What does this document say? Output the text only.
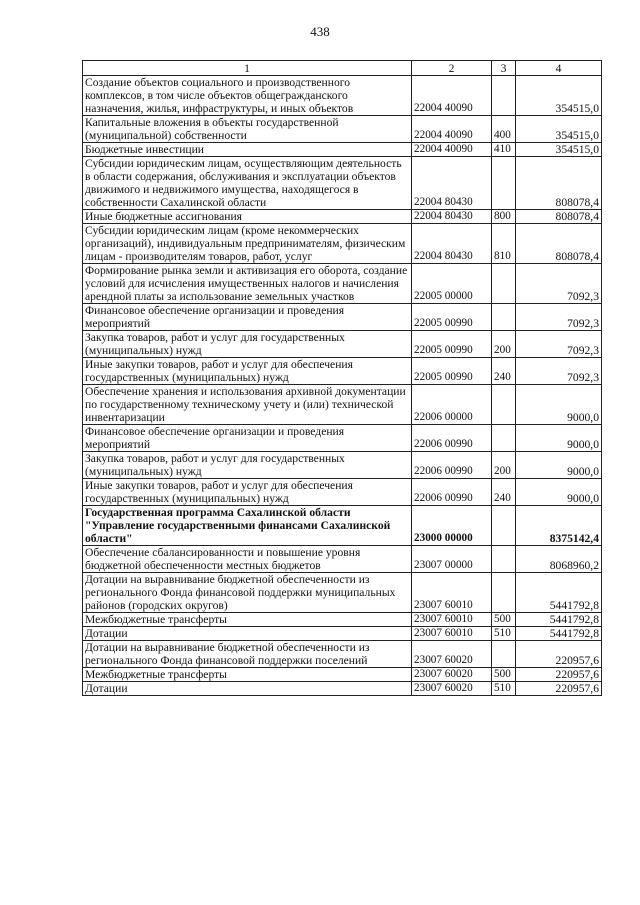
438
1	2	3	4
Создание объектов социального и производственного комплексов, в том числе объектов общегражданского назначения, жилья, инфраструктуры, и иных объектов	22004 40090		354515,0
Капитальные вложения в объекты государственной (муниципальной) собственности	22004 40090	400	354515,0
Бюджетные инвестиции	22004 40090	410	354515,0
Субсидии юридическим лицам, осуществляющим деятельность в области содержания, обслуживания и эксплуатации объектов движимого и недвижимого имущества, находящегося в собственности Сахалинской области	22004 80430		808078,4
Иные бюджетные ассигнования	22004 80430	800	808078,4
Субсидии юридическим лицам (кроме некоммерческих организаций), индивидуальным предпринимателям, физическим лицам - производителям товаров, работ, услуг	22004 80430	810	808078,4
Формирование рынка земли и активизация его оборота, создание условий для исчисления имущественных налогов и начисления арендной платы за использование земельных участков	22005 00000		7092,3
Финансовое обеспечение организации и проведения мероприятий	22005 00990		7092,3
Закупка товаров, работ и услуг для государственных (муниципальных) нужд	22005 00990	200	7092,3
Иные закупки товаров, работ и услуг для обеспечения государственных (муниципальных) нужд	22005 00990	240	7092,3
Обеспечение хранения и использования архивной документации по государственному техническому учету и (или) технической инвентаризации	22006 00000		9000,0
Финансовое обеспечение организации и проведения мероприятий	22006 00990		9000,0
Закупка товаров, работ и услуг для государственных (муниципальных) нужд	22006 00990	200	9000,0
Иные закупки товаров, работ и услуг для обеспечения государственных (муниципальных) нужд	22006 00990	240	9000,0
Государственная программа Сахалинской области "Управление государственными финансами Сахалинской области"	23000 00000		8375142,4
Обеспечение сбалансированности и повышение уровня бюджетной обеспеченности местных бюджетов	23007 00000		8068960,2
Дотации на выравнивание бюджетной обеспеченности из регионального Фонда финансовой поддержки муниципальных районов (городских округов)	23007 60010		5441792,8
Межбюджетные трансферты	23007 60010	500	5441792,8
Дотации	23007 60010	510	5441792,8
Дотации на выравнивание бюджетной обеспеченности из регионального Фонда финансовой поддержки поселений	23007 60020		220957,6
Межбюджетные трансферты	23007 60020	500	220957,6
Дотации	23007 60020	510	220957,6
